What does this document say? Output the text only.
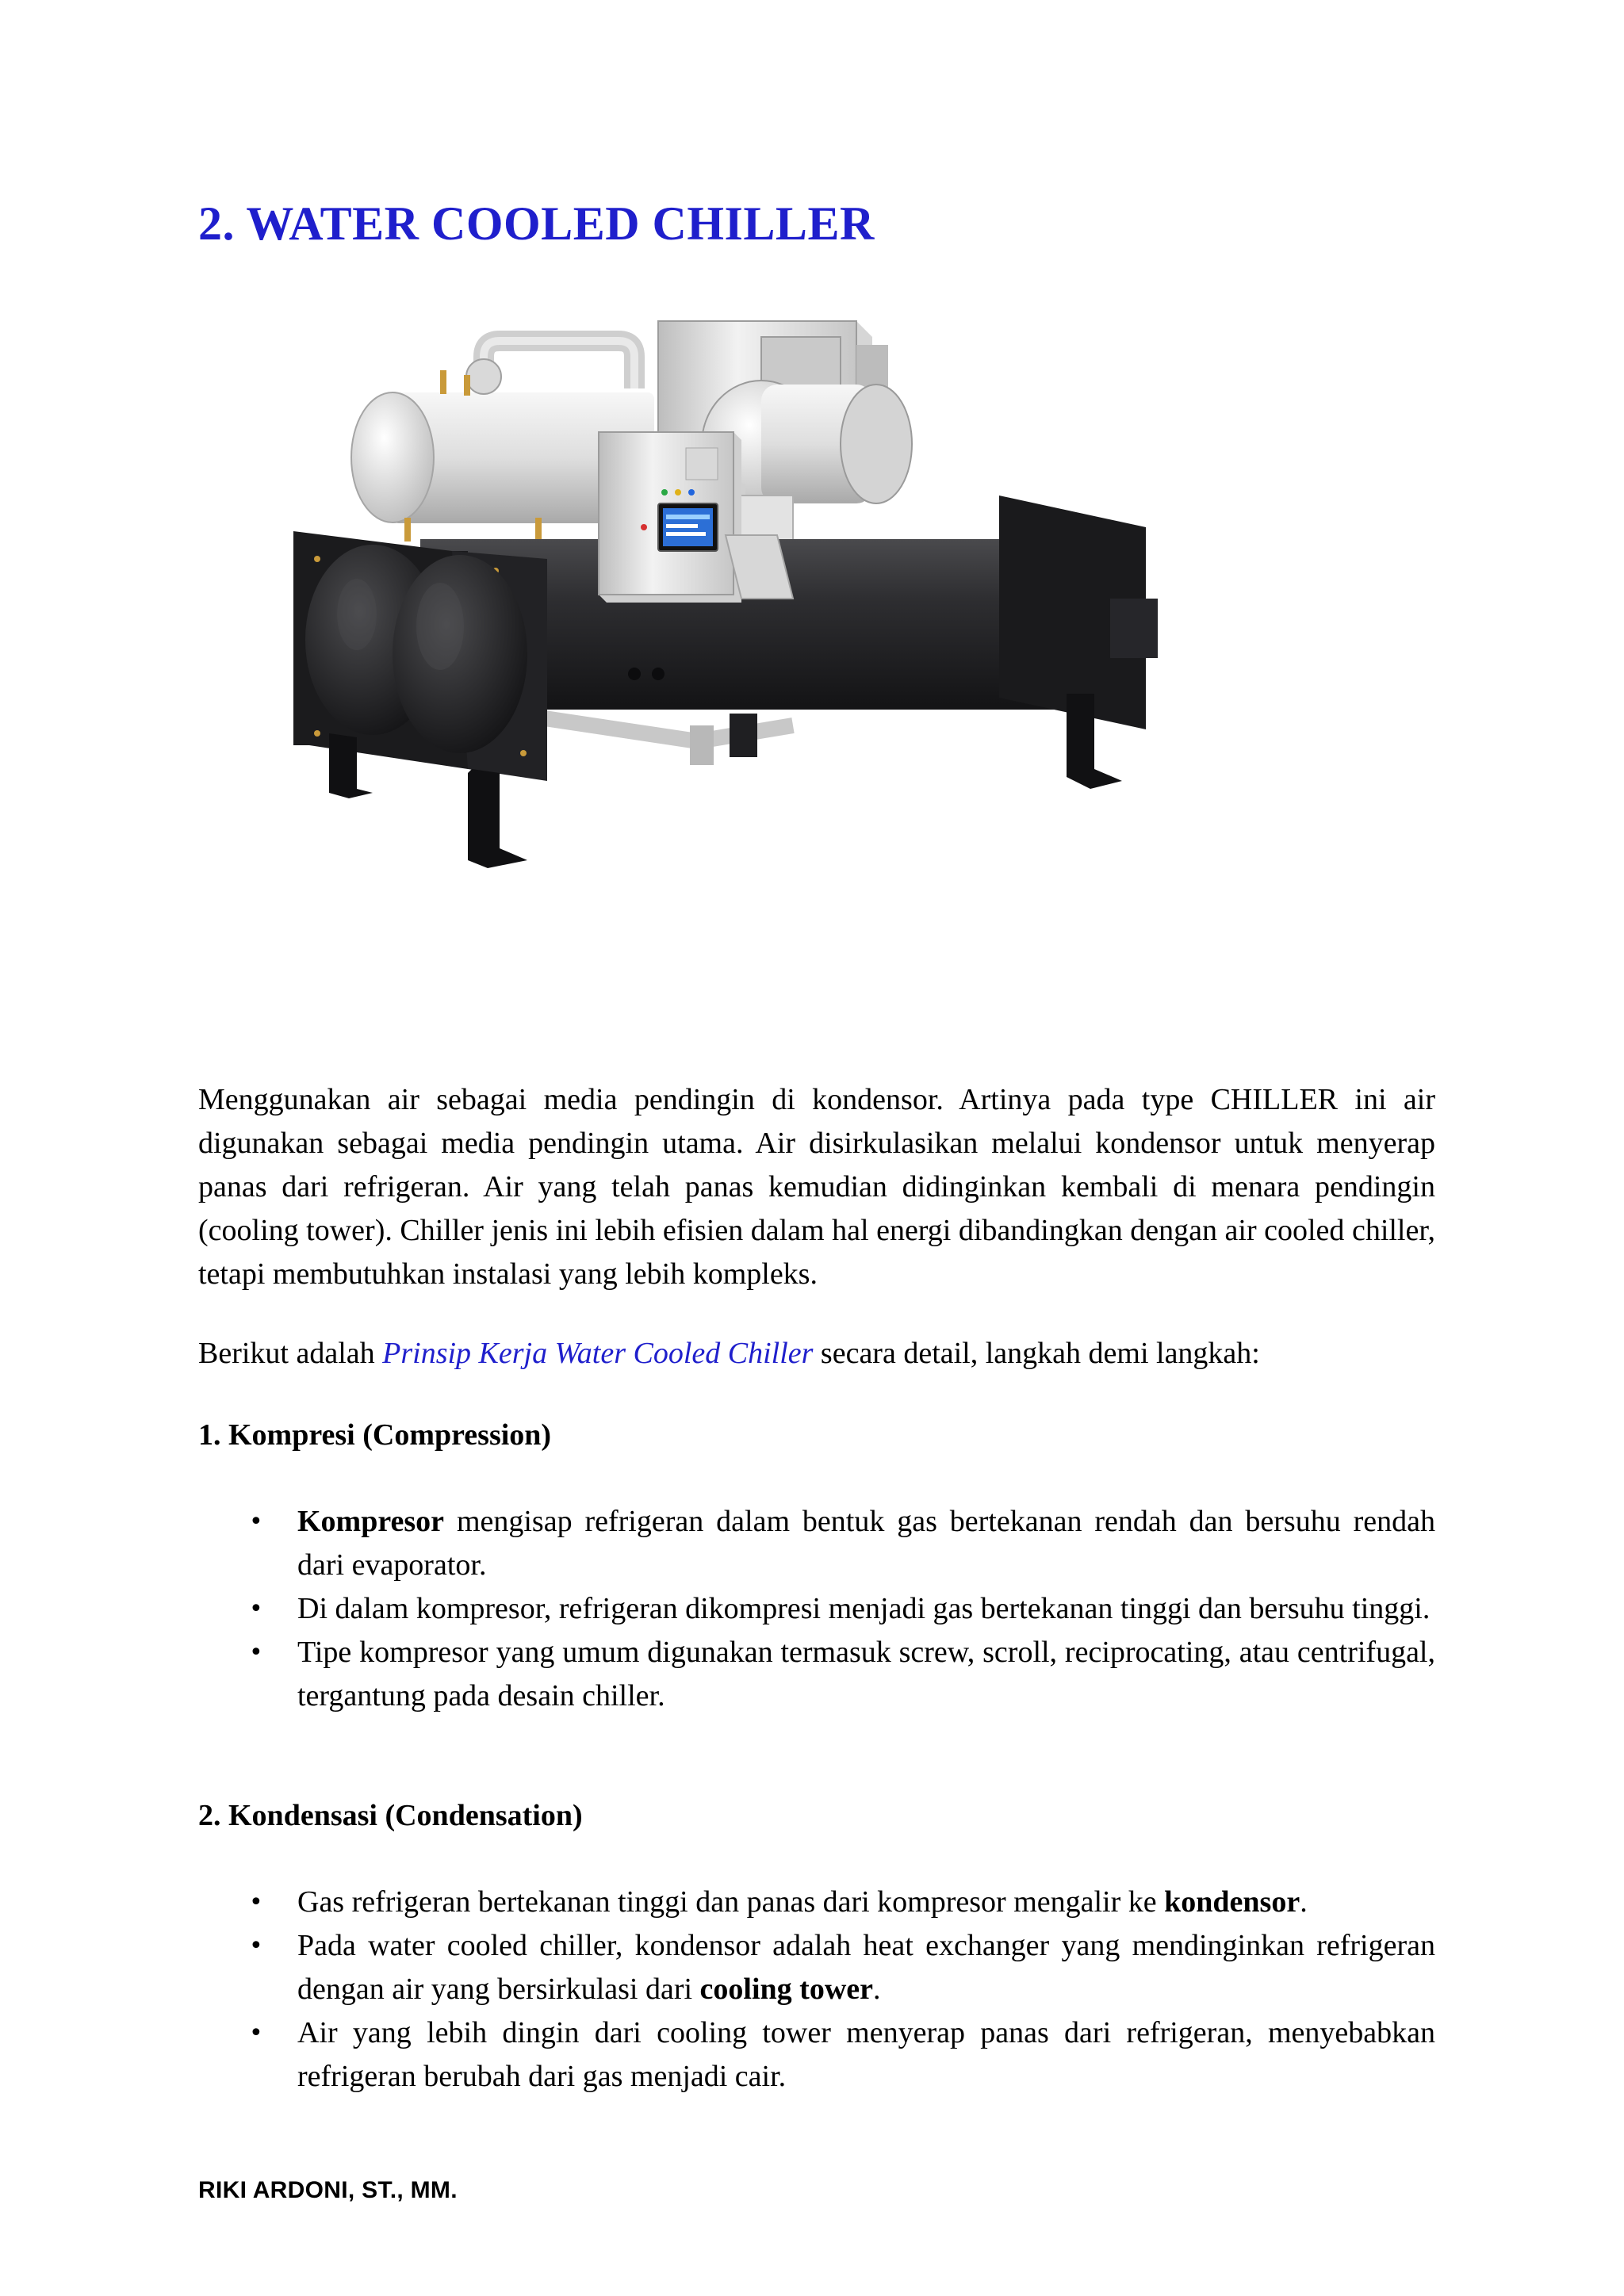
2. WATER COOLED CHILLER

Menggunakan air sebagai media pendingin di kondensor. Artinya pada type CHILLER ini air digunakan sebagai media pendingin utama. Air disirkulasikan melalui kondensor untuk menyerap panas dari refrigeran. Air yang telah panas kemudian didinginkan kembali di menara pendingin (cooling tower). Chiller jenis ini lebih efisien dalam hal energi dibandingkan dengan air cooled chiller, tetapi membutuhkan instalasi yang lebih kompleks.

Berikut adalah Prinsip Kerja Water Cooled Chiller secara detail, langkah demi langkah:

1. Kompresi (Compression)
• Kompresor mengisap refrigeran dalam bentuk gas bertekanan rendah dan bersuhu rendah dari evaporator.
• Di dalam kompresor, refrigeran dikompresi menjadi gas bertekanan tinggi dan bersuhu tinggi.
• Tipe kompresor yang umum digunakan termasuk screw, scroll, reciprocating, atau centrifugal, tergantung pada desain chiller.
2. Kondensasi (Condensation)
• Gas refrigeran bertekanan tinggi dan panas dari kompresor mengalir ke kondensor.
• Pada water cooled chiller, kondensor adalah heat exchanger yang mendinginkan refrigeran dengan air yang bersirkulasi dari cooling tower.
• Air yang lebih dingin dari cooling tower menyerap panas dari refrigeran, menyebabkan refrigeran berubah dari gas menjadi cair.

RIKI ARDONI, ST., MM.
